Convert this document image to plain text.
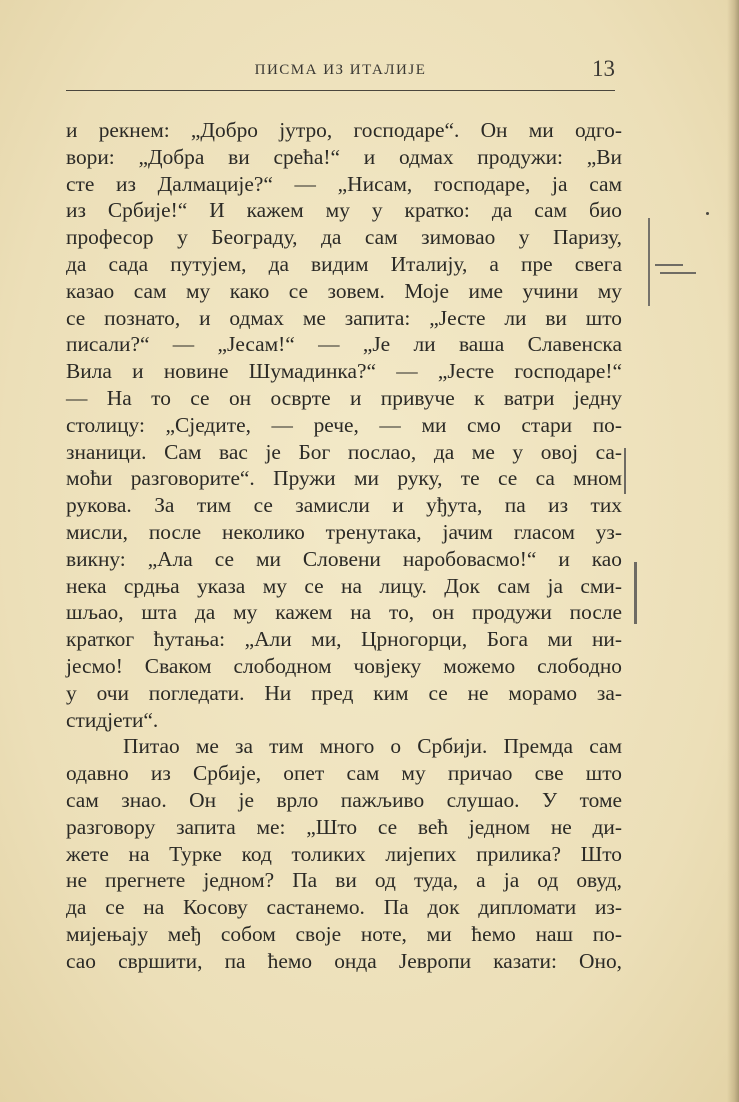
ПИСМА ИЗ ИТАЛИЈЕ	13
и рекнем: „Добро јутро, господаре“. Он ми одго-
вори: „Добра ви срећа!“ и одмах продужи: „Ви
сте из Далмације?“ — „Нисам, господаре, ја сам
из Србије!“ И кажем му у кратко: да сам био
професор у Београду, да сам зимовао у Паризу,
да сада путујем, да видим Италију, а пре свега
казао сам му како се зовем. Моје име учини му
се познато, и одмах ме запита: „Јесте ли ви што
писали?“ — „Јесам!“ — „Је ли ваша Славенска
Вила и новине Шумадинка?“ — „Јесте господаре!“
— На то се он осврте и привуче к ватри једну
столицу: „Сједите, — рече, — ми смо стари по-
знаници. Сам вас је Бог послао, да ме у овој са-
моћи разговорите“. Пружи ми руку, те се са мном
рукова. За тим се замисли и уђута, па из тих
мисли, после неколико тренутака, јачим гласом уз-
викну: „Ала се ми Словени наробовасмо!“ и као
нека срдња указа му се на лицу. Док сам ја сми-
шљао, шта да му кажем на то, он продужи после
кратког ћутања: „Али ми, Црногорци, Бога ми ни-
јесмо! Сваком слободном човјеку можемо слободно
у очи погледати. Ни пред ким се не морамо за-
стидјети“.
Питао ме за тим много о Србији. Премда сам
одавно из Србије, опет сам му причао све што
сам знао. Он је врло пажљиво слушао. У томе
разговору запита ме: „Што се већ једном не ди-
жете на Турке код толиких лијепих прилика? Што
не прегнете једном? Па ви од туда, а ја од овуд,
да се на Косову састанемо. Па док дипломати из-
мијењају међ собом своје ноте, ми ћемо наш по-
сао свршити, па ћемо онда Јевропи казати: Оно,
